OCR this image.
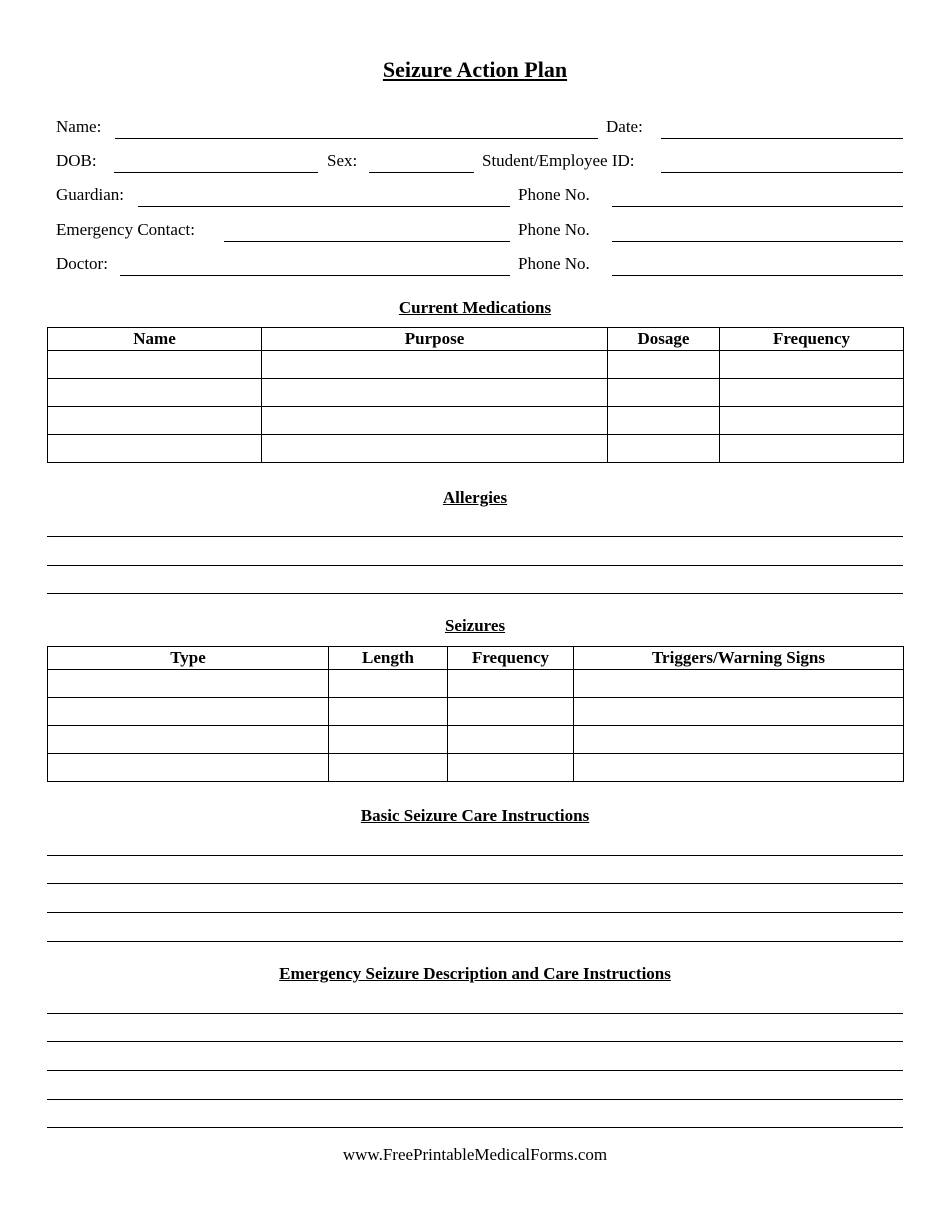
Seizure Action Plan
Name:	Date:
DOB:	Sex:	Student/Employee ID:
Guardian:	Phone No.
Emergency Contact:	Phone No.
Doctor:	Phone No.
Current Medications
Name	Purpose	Dosage	Frequency

Allergies
Seizures
Type	Length	Frequency	Triggers/Warning Signs

Basic Seizure Care Instructions
Emergency Seizure Description and Care Instructions
www.FreePrintableMedicalForms.com
